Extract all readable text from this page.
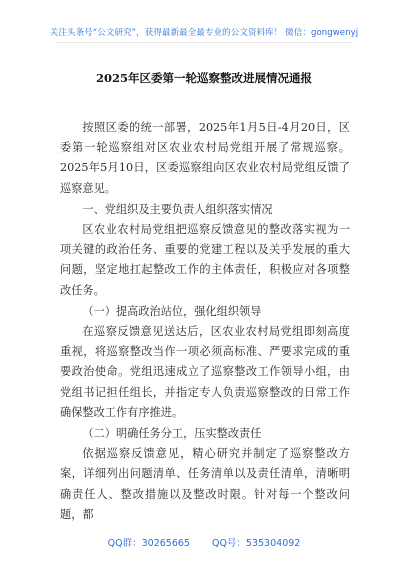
关注头条号“公文研究”，获得最新最全最专业的公文资料库！ 微信：gongwenyj
2025年区委第一轮巡察整改进展情况通报

按照区委的统一部署，2025年1月5日-4月20日，区委第一轮巡察组对区农业农村局党组开展了常规巡察。2025年5月10日，区委巡察组向区农业农村局党组反馈了巡察意见。

一、党组织及主要负责人组织落实情况

区农业农村局党组把巡察反馈意见的整改落实视为一项关键的政治任务、重要的党建工程以及关乎发展的重大问题，坚定地扛起整改工作的主体责任，积极应对各项整改任务。

（一）提高政治站位，强化组织领导

在巡察反馈意见送达后，区农业农村局党组即刻高度重视，将巡察整改当作一项必须高标准、严要求完成的重要政治使命。党组迅速成立了巡察整改工作领导小组，由党组书记担任组长，并指定专人负责巡察整改的日常工作确保整改工作有序推进。

（二）明确任务分工，压实整改责任

依据巡察反馈意见，精心研究并制定了巡察整改方案，详细列出问题清单、任务清单以及责任清单，清晰明确责任人、整改措施以及整改时限。针对每一个整改问题，都

QQ群：30265665 QQ号：535304092
